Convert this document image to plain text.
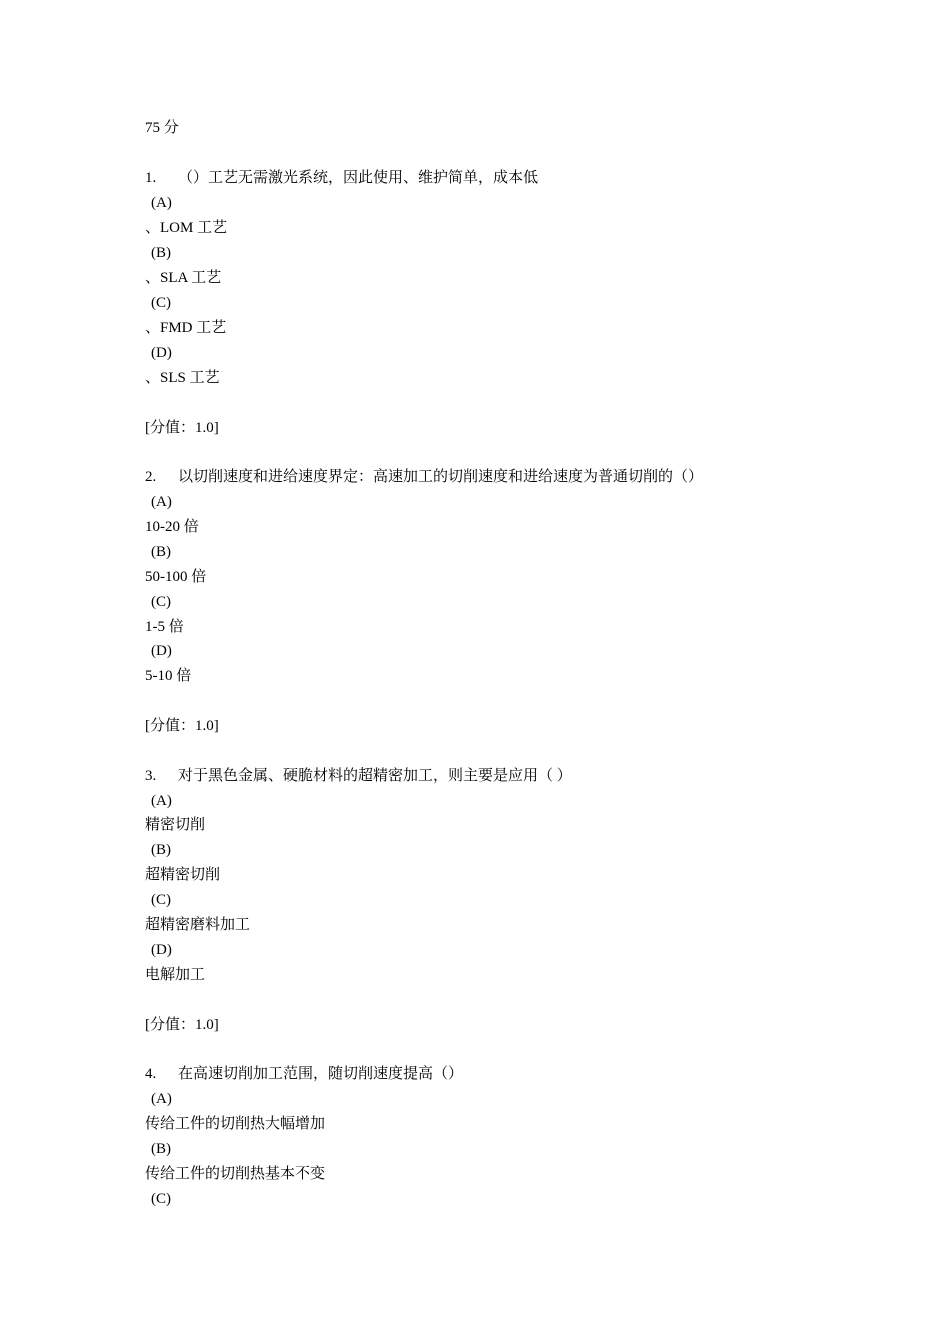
75 分
1. （）工艺无需激光系统，因此使用、维护简单，成本低
(A)
、LOM 工艺
(B)
、SLA 工艺
(C)
、FMD 工艺
(D)
、SLS 工艺
[分值：1.0]
2. 以切削速度和进给速度界定：高速加工的切削速度和进给速度为普通切削的（）
(A)
10-20 倍
(B)
50-100 倍
(C)
1-5 倍
(D)
5-10 倍
[分值：1.0]
3. 对于黑色金属、硬脆材料的超精密加工，则主要是应用（ ）
(A)
精密切削
(B)
超精密切削
(C)
超精密磨料加工
(D)
电解加工
[分值：1.0]
4. 在高速切削加工范围，随切削速度提高（）
(A)
传给工件的切削热大幅增加
(B)
传给工件的切削热基本不变
(C)
